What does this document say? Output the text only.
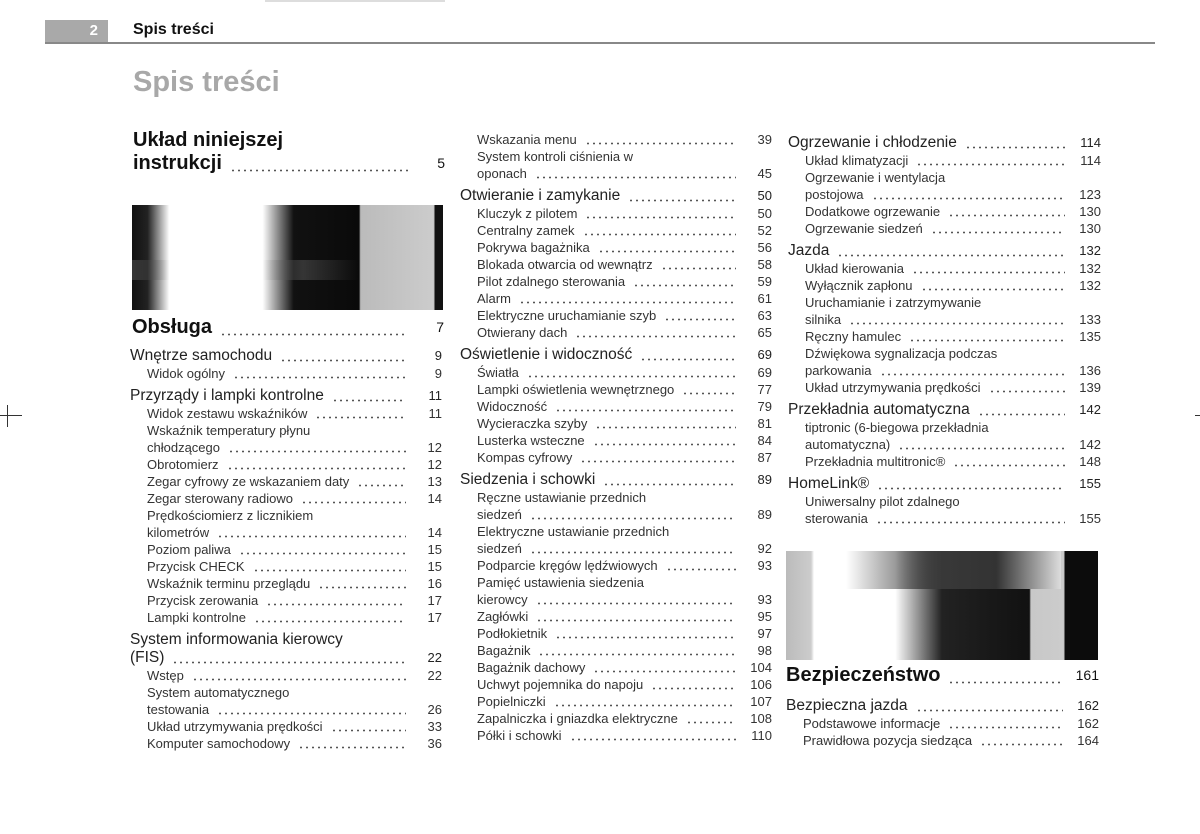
2 Spis treści
Spis treści
Układ niniejszej
instrukcji	5
Obsługa	7
Wnętrze samochodu	9
Widok ogólny	9
Przyrządy i lampki kontrolne	11
Widok zestawu wskaźników	11
Wskaźnik temperatury płynu
chłodzącego	12
Obrotomierz	12
Zegar cyfrowy ze wskazaniem daty	13
Zegar sterowany radiowo	14
Prędkościomierz z licznikiem
kilometrów	14
Poziom paliwa	15
Przycisk CHECK	15
Wskaźnik terminu przeglądu	16
Przycisk zerowania	17
Lampki kontrolne	17
System informowania kierowcy
(FIS)	22
Wstęp	22
System automatycznego
testowania	26
Układ utrzymywania prędkości	33
Komputer samochodowy	36
Wskazania menu	39
System kontroli ciśnienia w
oponach	45
Otwieranie i zamykanie	50
Kluczyk z pilotem	50
Centralny zamek	52
Pokrywa bagażnika	56
Blokada otwarcia od wewnątrz	58
Pilot zdalnego sterowania	59
Alarm	61
Elektryczne uruchamianie szyb	63
Otwierany dach	65
Oświetlenie i widoczność	69
Światła	69
Lampki oświetlenia wewnętrznego	77
Widoczność	79
Wycieraczka szyby	81
Lusterka wsteczne	84
Kompas cyfrowy	87
Siedzenia i schowki	89
Ręczne ustawianie przednich
siedzeń	89
Elektryczne ustawianie przednich
siedzeń	92
Podparcie kręgów lędźwiowych	93
Pamięć ustawienia siedzenia
kierowcy	93
Zagłówki	95
Podłokietnik	97
Bagażnik	98
Bagażnik dachowy	104
Uchwyt pojemnika do napoju	106
Popielniczki	107
Zapalniczka i gniazdka elektryczne	108
Półki i schowki	110
Ogrzewanie i chłodzenie	114
Układ klimatyzacji	114
Ogrzewanie i wentylacja
postojowa	123
Dodatkowe ogrzewanie	130
Ogrzewanie siedzeń	130
Jazda	132
Układ kierowania	132
Wyłącznik zapłonu	132
Uruchamianie i zatrzymywanie
silnika	133
Ręczny hamulec	135
Dźwiękowa sygnalizacja podczas
parkowania	136
Układ utrzymywania prędkości	139
Przekładnia automatyczna	142
tiptronic (6-biegowa przekładnia
automatyczna)	142
Przekładnia multitronic®	148
HomeLink®	155
Uniwersalny pilot zdalnego
sterowania	155
Bezpieczeństwo	161
Bezpieczna jazda	162
Podstawowe informacje	162
Prawidłowa pozycja siedząca	164
